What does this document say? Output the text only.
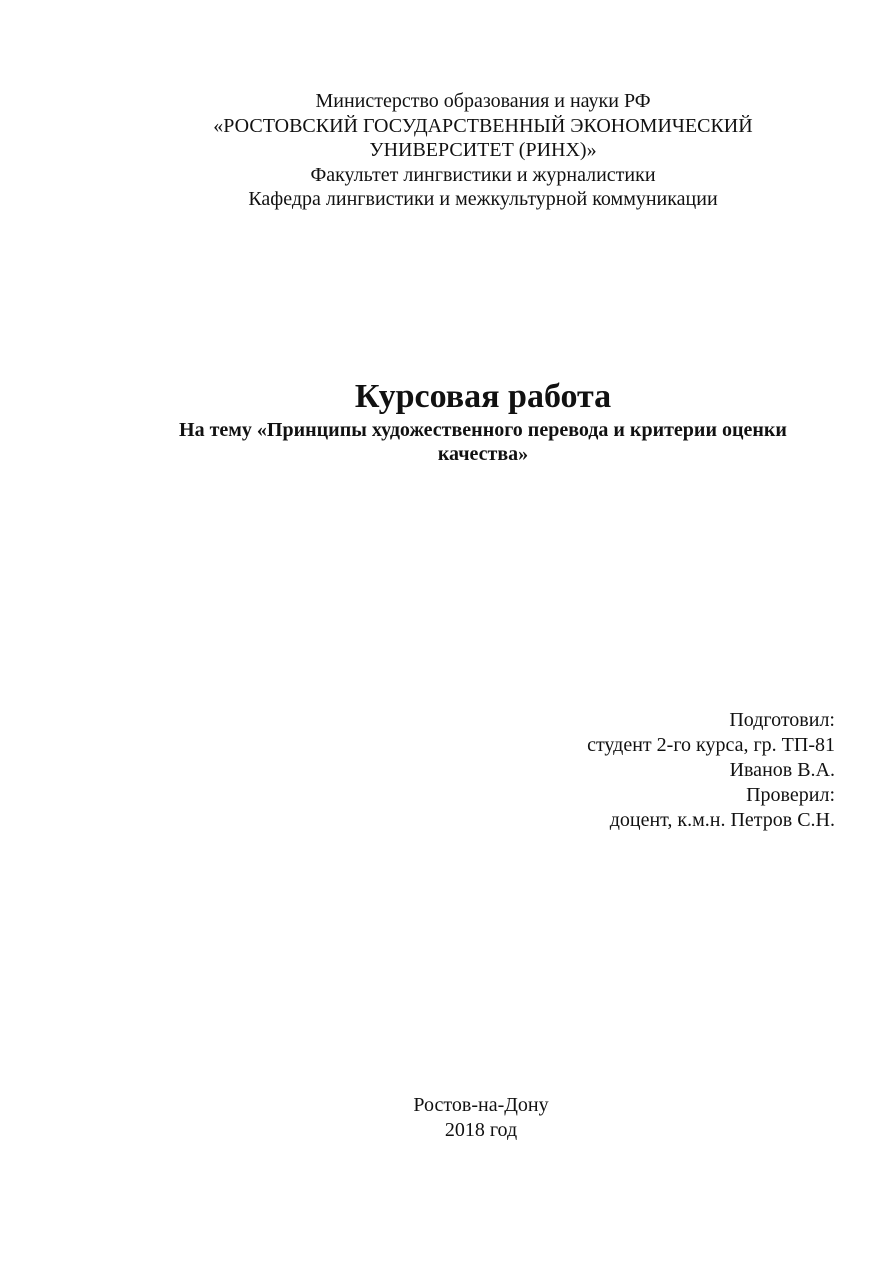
Министерство образования и науки РФ
«РОСТОВСКИЙ ГОСУДАРСТВЕННЫЙ ЭКОНОМИЧЕСКИЙ
УНИВЕРСИТЕТ (РИНХ)»
Факультет лингвистики и журналистики
Кафедра лингвистики и межкультурной коммуникации
Курсовая работа
На тему «Принципы художественного перевода и критерии оценки
качества»
Подготовил:
студент 2-го курса, гр. ТП-81
Иванов В.А.
Проверил:
доцент, к.м.н. Петров С.Н.
Ростов-на-Дону
2018 год
